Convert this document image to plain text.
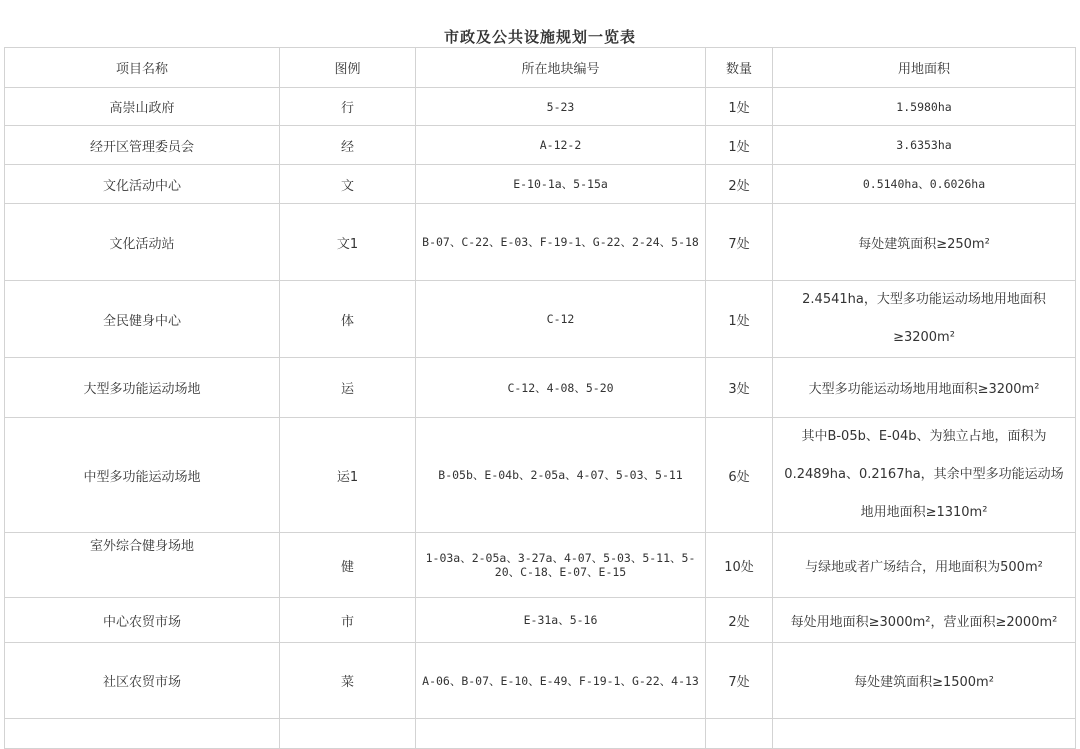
市政及公共设施规划一览表
项目名称	图例	所在地块编号	数量	用地面积
高崇山政府	行	5-23	1处	1.5980ha
经开区管理委员会	经	A-12-2	1处	3.6353ha
文化活动中心	文	E-10-1a、5-15a	2处	0.5140ha、0.6026ha
文化活动站	文1	B-07、C-22、E-03、F-19-1、G-22、2-24、5-18	7处	每处建筑面积≥250m²
全民健身中心	体	C-12	1处	2.4541ha，大型多功能运动场地用地面积≥3200m²
大型多功能运动场地	运	C-12、4-08、5-20	3处	大型多功能运动场地用地面积≥3200m²
中型多功能运动场地	运1	B-05b、E-04b、2-05a、4-07、5-03、5-11	6处	其中B-05b、E-04b、为独立占地，面积为0.2489ha、0.2167ha，其余中型多功能运动场地用地面积≥1310m²
室外综合健身场地	健	1-03a、2-05a、3-27a、4-07、5-03、5-11、5-20、C-18、E-07、E-15	10处	与绿地或者广场结合，用地面积为500m²
中心农贸市场	市	E-31a、5-16	2处	每处用地面积≥3000m²，营业面积≥2000m²
社区农贸市场	菜	A-06、B-07、E-10、E-49、F-19-1、G-22、4-13	7处	每处建筑面积≥1500m²
